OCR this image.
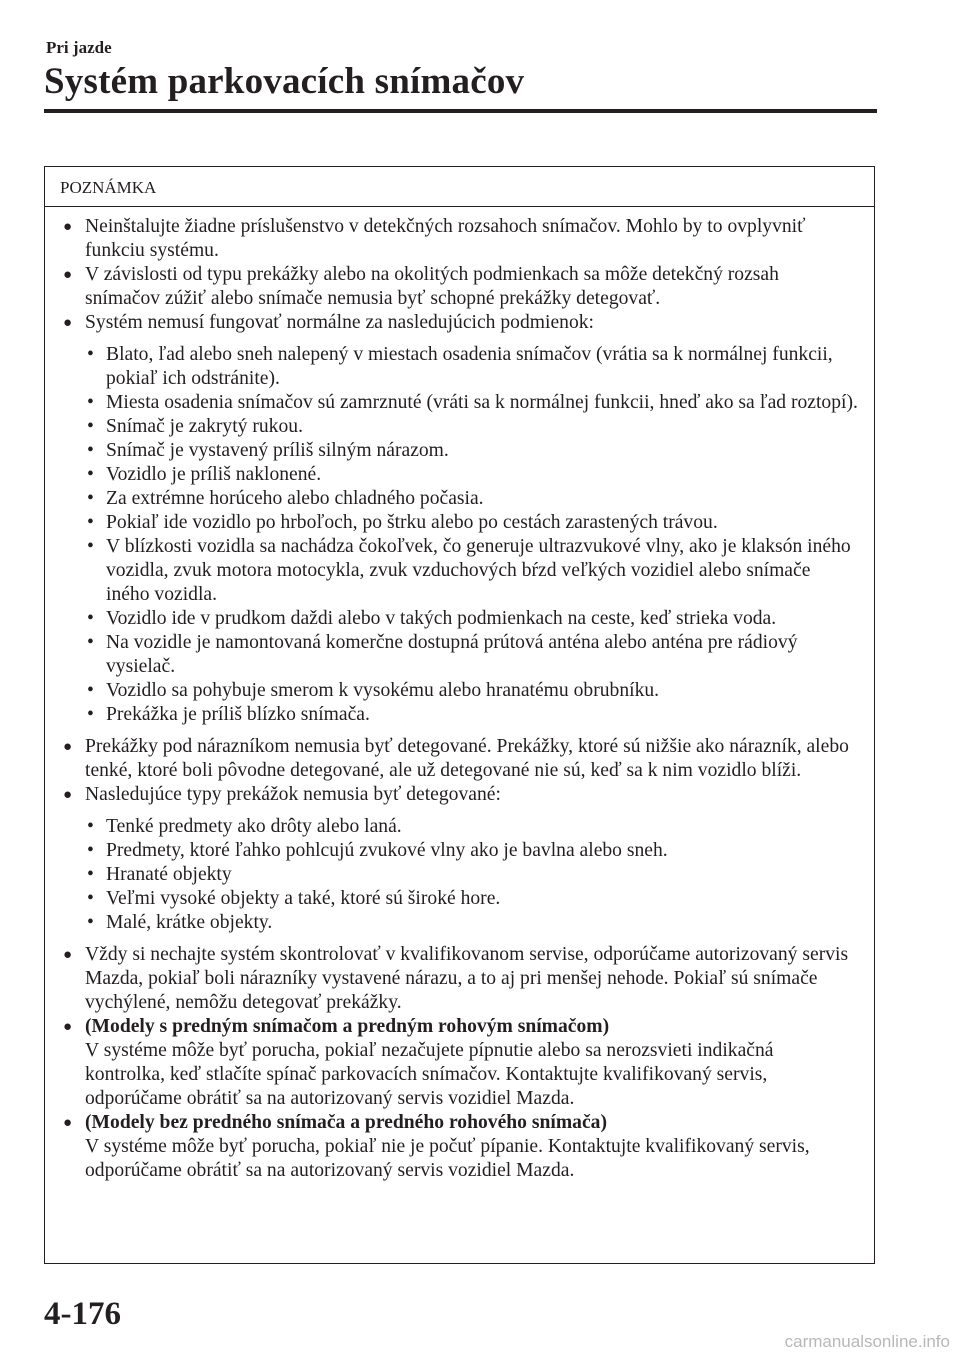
Pri jazde
Systém parkovacích snímačov
POZNÁMKA
● Neinštalujte žiadne príslušenstvo v detekčných rozsahoch snímačov. Mohlo by to ovplyvniť funkciu systému.
● V závislosti od typu prekážky alebo na okolitých podmienkach sa môže detekčný rozsah snímačov zúžiť alebo snímače nemusia byť schopné prekážky detegovať.
● Systém nemusí fungovať normálne za nasledujúcich podmienok:
• Blato, ľad alebo sneh nalepený v miestach osadenia snímačov (vrátia sa k normálnej funkcii, pokiaľ ich odstránite).
• Miesta osadenia snímačov sú zamrznuté (vráti sa k normálnej funkcii, hneď ako sa ľad roztopí).
• Snímač je zakrytý rukou.
• Snímač je vystavený príliš silným nárazom.
• Vozidlo je príliš naklonené.
• Za extrémne horúceho alebo chladného počasia.
• Pokiaľ ide vozidlo po hrboľoch, po štrku alebo po cestách zarastených trávou.
• V blízkosti vozidla sa nachádza čokoľvek, čo generuje ultrazvukové vlny, ako je klaksón iného vozidla, zvuk motora motocykla, zvuk vzduchových bŕzd veľkých vozidiel alebo snímače iného vozidla.
• Vozidlo ide v prudkom daždi alebo v takých podmienkach na ceste, keď strieka voda.
• Na vozidle je namontovaná komerčne dostupná prútová anténa alebo anténa pre rádiový vysielač.
• Vozidlo sa pohybuje smerom k vysokému alebo hranatému obrubníku.
• Prekážka je príliš blízko snímača.
● Prekážky pod nárazníkom nemusia byť detegované. Prekážky, ktoré sú nižšie ako nárazník, alebo tenké, ktoré boli pôvodne detegované, ale už detegované nie sú, keď sa k nim vozidlo blíži.
● Nasledujúce typy prekážok nemusia byť detegované:
• Tenké predmety ako drôty alebo laná.
• Predmety, ktoré ľahko pohlcujú zvukové vlny ako je bavlna alebo sneh.
• Hranaté objekty
• Veľmi vysoké objekty a také, ktoré sú široké hore.
• Malé, krátke objekty.
● Vždy si nechajte systém skontrolovať v kvalifikovanom servise, odporúčame autorizovaný servis Mazda, pokiaľ boli nárazníky vystavené nárazu, a to aj pri menšej nehode. Pokiaľ sú snímače vychýlené, nemôžu detegovať prekážky.
● (Modely s predným snímačom a predným rohovým snímačom)
V systéme môže byť porucha, pokiaľ nezačujete pípnutie alebo sa nerozsvieti indikačná kontrolka, keď stlačíte spínač parkovacích snímačov. Kontaktujte kvalifikovaný servis, odporúčame obrátiť sa na autorizovaný servis vozidiel Mazda.
● (Modely bez predného snímača a predného rohového snímača)
V systéme môže byť porucha, pokiaľ nie je počuť pípanie. Kontaktujte kvalifikovaný servis, odporúčame obrátiť sa na autorizovaný servis vozidiel Mazda.
4-176
carmanualsonline.info
